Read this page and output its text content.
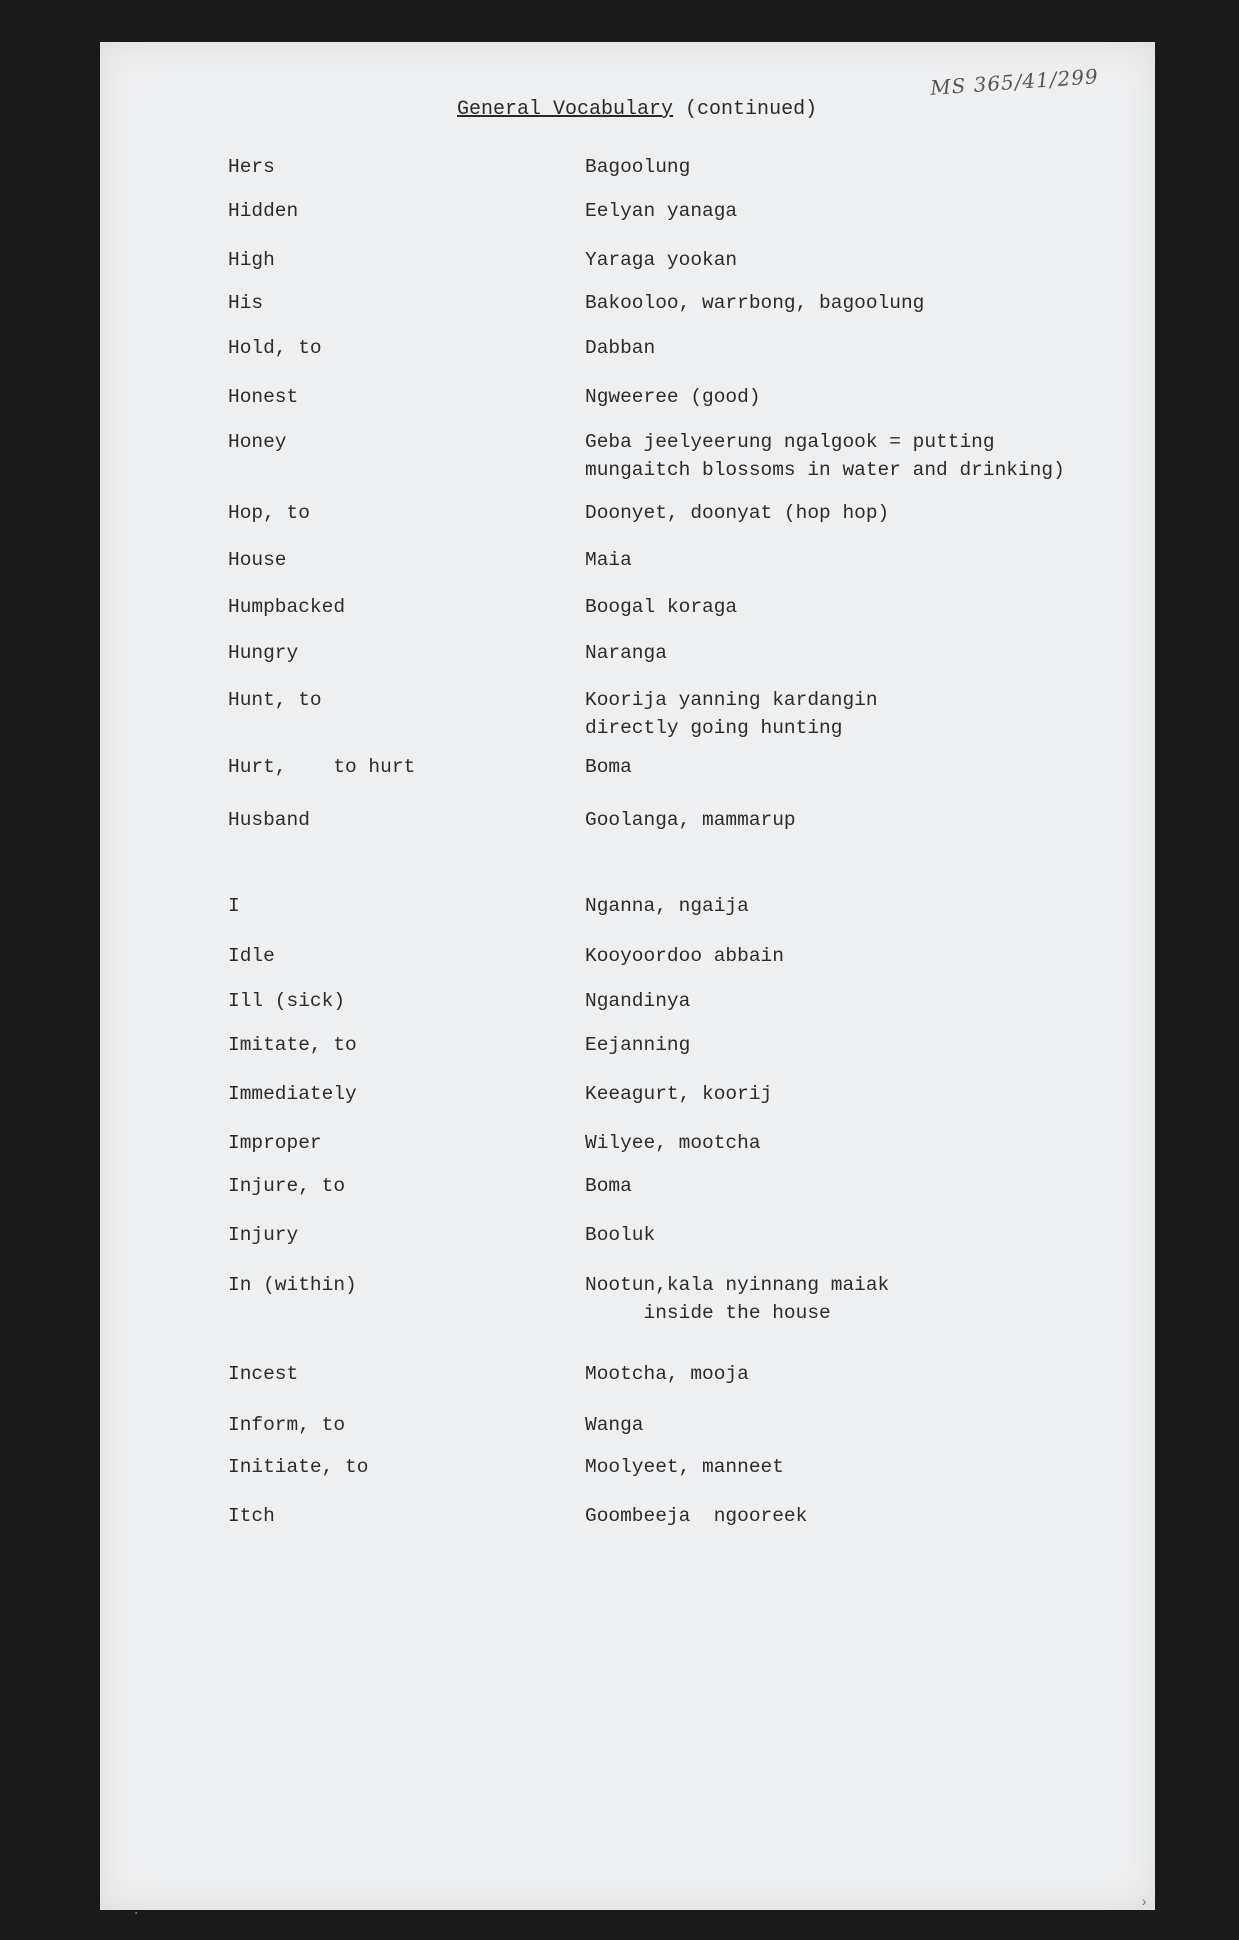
MS 365/41/299
General Vocabulary (continued)
Hers	Bagoolung
Hidden	Eelyan yanaga
High	Yaraga yookan
His	Bakooloo, warrbong, bagoolung
Hold, to	Dabban
Honest	Ngweeree (good)
Honey	Geba jeelyeerung ngalgook = putting
mungaitch blossoms in water and drinking)
Hop, to	Doonyet, doonyat (hop hop)
House	Maia
Humpbacked	Boogal koraga
Hungry	Naranga
Hunt, to	Koorija yanning kardangin
directly going hunting
Hurt,    to hurt	Boma
Husband	Goolanga, mammarup
I	Nganna, ngaija
Idle	Kooyoordoo abbain
Ill (sick)	Ngandinya
Imitate, to	Eejanning
Immediately	Keeagurt, koorij
Improper	Wilyee, mootcha
Injure, to	Boma
Injury	Booluk
In (within)	Nootun,kala nyinnang maiak
inside the house
Incest	Mootcha, mooja
Inform, to	Wanga
Initiate, to	Moolyeet, manneet
Itch	Goombeeja  ngooreek
·
›
